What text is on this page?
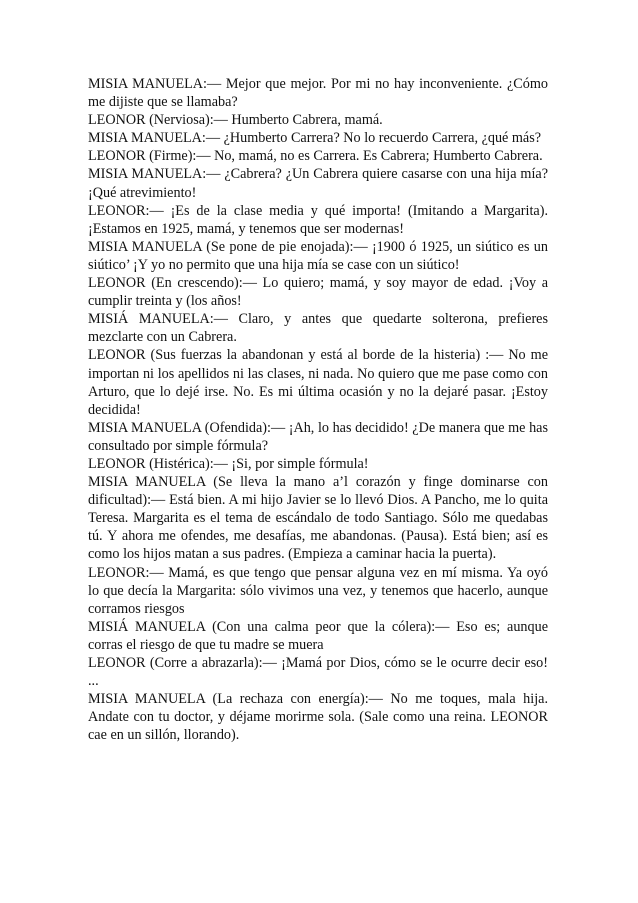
MISIA MANUELA:— Mejor que mejor. Por mi no hay inconveniente. ¿Cómo me dijiste que se llamaba?

LEONOR (Nerviosa):— Humberto Cabrera, mamá.

MISIA MANUELA:— ¿Humberto Carrera? No lo recuerdo Carrera, ¿qué más?

LEONOR (Firme):— No, mamá, no es Carrera. Es Cabrera; Humberto Cabrera.

MISIA MANUELA:— ¿Cabrera? ¿Un Cabrera quiere casarse con una hija mía? ¡Qué atrevimiento!

LEONOR:— ¡Es de la clase media y qué importa! (Imitando a Margarita). ¡Estamos en 1925, mamá, y tenemos que ser modernas!

MISIA MANUELA (Se pone de pie enojada):— ¡1900 ó 1925, un siútico es un siútico’ ¡Y yo no permito que una hija mía se case con un siútico!

LEONOR (En crescendo):— Lo quiero; mamá, y soy mayor de edad. ¡Voy a cumplir treinta y (los años!

MISIÁ MANUELA:— Claro, y antes que quedarte solterona, prefieres mezclarte con un Cabrera.

LEONOR (Sus fuerzas la abandonan y está al borde de la histeria) :— No me importan ni los apellidos ni las clases, ni nada. No quiero que me pase como con Arturo, que lo dejé irse. No. Es mi última ocasión y no la dejaré pasar. ¡Estoy decidida!

MISIA MANUELA (Ofendida):— ¡Ah, lo has decidido! ¿De manera que me has consultado por simple fórmula?

LEONOR (Histérica):— ¡Si, por simple fórmula!

MISIA MANUELA (Se lleva la mano a’l corazón y finge dominarse con dificultad):— Está bien. A mi hijo Javier se lo llevó Dios. A Pancho, me lo quita Teresa. Margarita es el tema de escándalo de todo Santiago. Sólo me quedabas tú. Y ahora me ofendes, me desafías, me abandonas. (Pausa). Está bien; así es como los hijos matan a sus padres. (Empieza a caminar hacia la puerta).

LEONOR:— Mamá, es que tengo que pensar alguna vez en mí misma. Ya oyó lo que decía la Margarita: sólo vivimos una vez, y tenemos que hacerlo, aunque corramos riesgos

MISIÁ MANUELA (Con una calma peor que la cólera):— Eso es; aunque corras el riesgo de que tu madre se muera

LEONOR (Corre a abrazarla):— ¡Mamá por Dios, cómo se le ocurre decir eso! ...

MISIA MANUELA (La rechaza con energía):— No me toques, mala hija. Andate con tu doctor, y déjame morirme sola. (Sale como una reina. LEONOR cae en un sillón, llorando).
